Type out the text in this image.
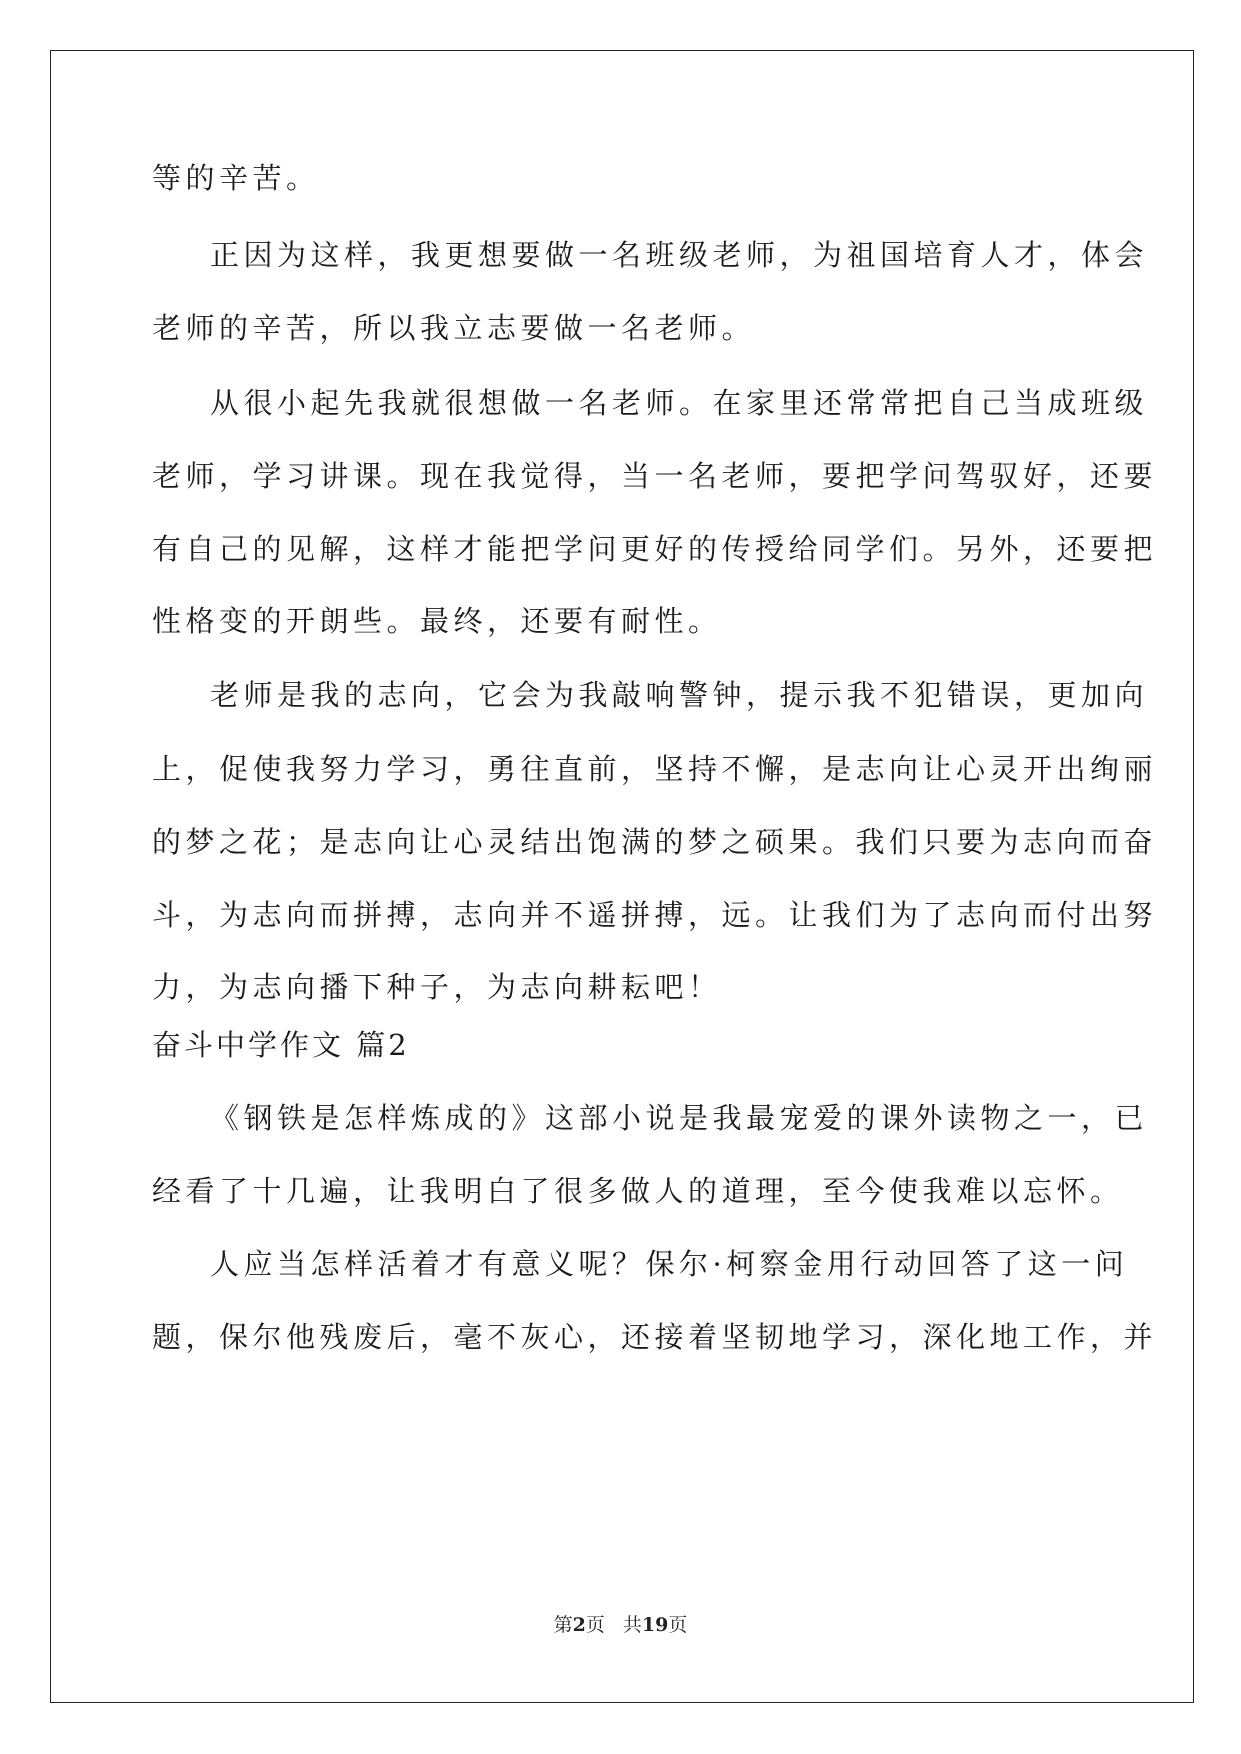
等的辛苦。
正因为这样，我更想要做一名班级老师，为祖国培育人才，体会
老师的辛苦，所以我立志要做一名老师。
从很小起先我就很想做一名老师。在家里还常常把自己当成班级
老师，学习讲课。现在我觉得，当一名老师，要把学问驾驭好，还要
有自己的见解，这样才能把学问更好的传授给同学们。另外，还要把
性格变的开朗些。最终，还要有耐性。
老师是我的志向，它会为我敲响警钟，提示我不犯错误，更加向
上，促使我努力学习，勇往直前，坚持不懈，是志向让心灵开出绚丽
的梦之花；是志向让心灵结出饱满的梦之硕果。我们只要为志向而奋
斗，为志向而拼搏，志向并不遥拼搏，远。让我们为了志向而付出努
力，为志向播下种子，为志向耕耘吧！
奋斗中学作文 篇2
《钢铁是怎样炼成的》这部小说是我最宠爱的课外读物之一，已
经看了十几遍，让我明白了很多做人的道理，至今使我难以忘怀。
人应当怎样活着才有意义呢？保尔·柯察金用行动回答了这一问
题，保尔他残废后，毫不灰心，还接着坚韧地学习，深化地工作，并
第2页 共19页
